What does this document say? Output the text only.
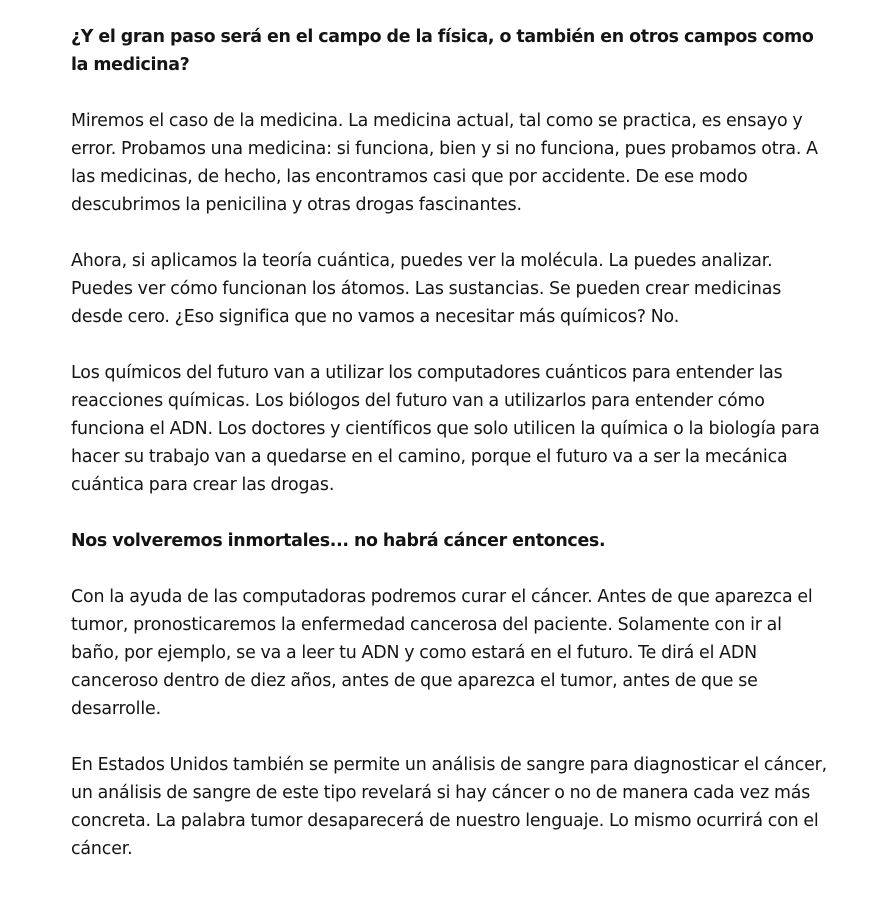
¿Y el gran paso será en el campo de la física, o también en otros campos como la medicina?

Miremos el caso de la medicina. La medicina actual, tal como se practica, es ensayo y error. Probamos una medicina: si funciona, bien y si no funciona, pues probamos otra. A las medicinas, de hecho, las encontramos casi que por accidente. De ese modo descubrimos la penicilina y otras drogas fascinantes.

Ahora, si aplicamos la teoría cuántica, puedes ver la molécula. La puedes analizar. Puedes ver cómo funcionan los átomos. Las sustancias. Se pueden crear medicinas desde cero. ¿Eso significa que no vamos a necesitar más químicos? No.

Los químicos del futuro van a utilizar los computadores cuánticos para entender las reacciones químicas. Los biólogos del futuro van a utilizarlos para entender cómo funciona el ADN. Los doctores y científicos que solo utilicen la química o la biología para hacer su trabajo van a quedarse en el camino, porque el futuro va a ser la mecánica cuántica para crear las drogas.

Nos volveremos inmortales... no habrá cáncer entonces.

Con la ayuda de las computadoras podremos curar el cáncer. Antes de que aparezca el tumor, pronosticaremos la enfermedad cancerosa del paciente. Solamente con ir al baño, por ejemplo, se va a leer tu ADN y como estará en el futuro. Te dirá el ADN canceroso dentro de diez años, antes de que aparezca el tumor, antes de que se desarrolle.

En Estados Unidos también se permite un análisis de sangre para diagnosticar el cáncer, un análisis de sangre de este tipo revelará si hay cáncer o no de manera cada vez más concreta. La palabra tumor desaparecerá de nuestro lenguaje. Lo mismo ocurrirá con el cáncer.
